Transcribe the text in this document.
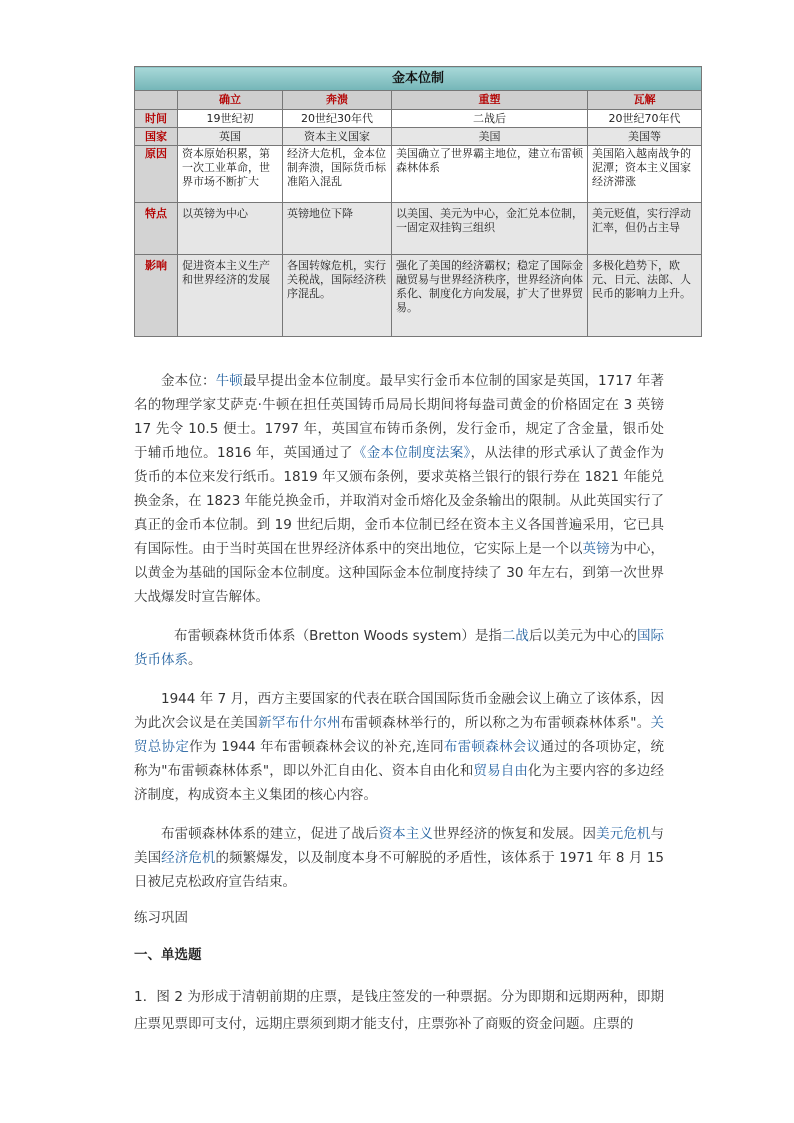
金本位制				
	确立	奔溃	重塑	瓦解
时间	19世纪初	20世纪30年代	二战后	20世纪70年代
国家	英国	资本主义国家	美国	美国等
原因	资本原始积累，第一次工业革命，世界市场不断扩大	经济大危机，金本位制奔溃，国际货币标准陷入混乱	美国确立了世界霸主地位，建立布雷顿森林体系	美国陷入越南战争的泥潭；资本主义国家经济滞涨
特点	以英镑为中心	英镑地位下降	以美国、美元为中心，金汇兑本位制，一固定双挂钩三组织	美元贬值，实行浮动汇率，但仍占主导
影响	促进资本主义生产和世界经济的发展	各国转嫁危机，实行关税战，国际经济秩序混乱。	强化了美国的经济霸权；稳定了国际金融贸易与世界经济秩序，世界经济向体系化、制度化方向发展，扩大了世界贸易。	多极化趋势下，欧元、日元、法郎、人民币的影响力上升。

金本位：牛顿最早提出金本位制度。最早实行金币本位制的国家是英国，1717 年著名的物理学家艾萨克·牛顿在担任英国铸币局局长期间将每盎司黄金的价格固定在 3 英镑 17 先令 10.5 便士。1797 年，英国宣布铸币条例，发行金币，规定了含金量，银币处于辅币地位。1816 年，英国通过了《金本位制度法案》，从法律的形式承认了黄金作为货币的本位来发行纸币。1819 年又颁布条例，要求英格兰银行的银行券在 1821 年能兑换金条，在 1823 年能兑换金币，并取消对金币熔化及金条输出的限制。从此英国实行了真正的金币本位制。到 19 世纪后期，金币本位制已经在资本主义各国普遍采用，它已具有国际性。由于当时英国在世界经济体系中的突出地位，它实际上是一个以英镑为中心，以黄金为基础的国际金本位制度。这种国际金本位制度持续了 30 年左右，到第一次世界大战爆发时宣告解体。

布雷顿森林货币体系（Bretton Woods system）是指二战后以美元为中心的国际货币体系。

1944 年 7 月，西方主要国家的代表在联合国国际货币金融会议上确立了该体系，因为此次会议是在美国新罕布什尔州布雷顿森林举行的，所以称之为布雷顿森林体系"。关贸总协定作为 1944 年布雷顿森林会议的补充,连同布雷顿森林会议通过的各项协定，统称为"布雷顿森林体系"，即以外汇自由化、资本自由化和贸易自由化为主要内容的多边经济制度，构成资本主义集团的核心内容。

布雷顿森林体系的建立，促进了战后资本主义世界经济的恢复和发展。因美元危机与美国经济危机的频繁爆发，以及制度本身不可解脱的矛盾性，该体系于 1971 年 8 月 15 日被尼克松政府宣告结束。

练习巩固

一、单选题

1．图 2 为形成于清朝前期的庄票，是钱庄签发的一种票据。分为即期和远期两种，即期庄票见票即可支付，远期庄票须到期才能支付，庄票弥补了商贩的资金问题。庄票的
